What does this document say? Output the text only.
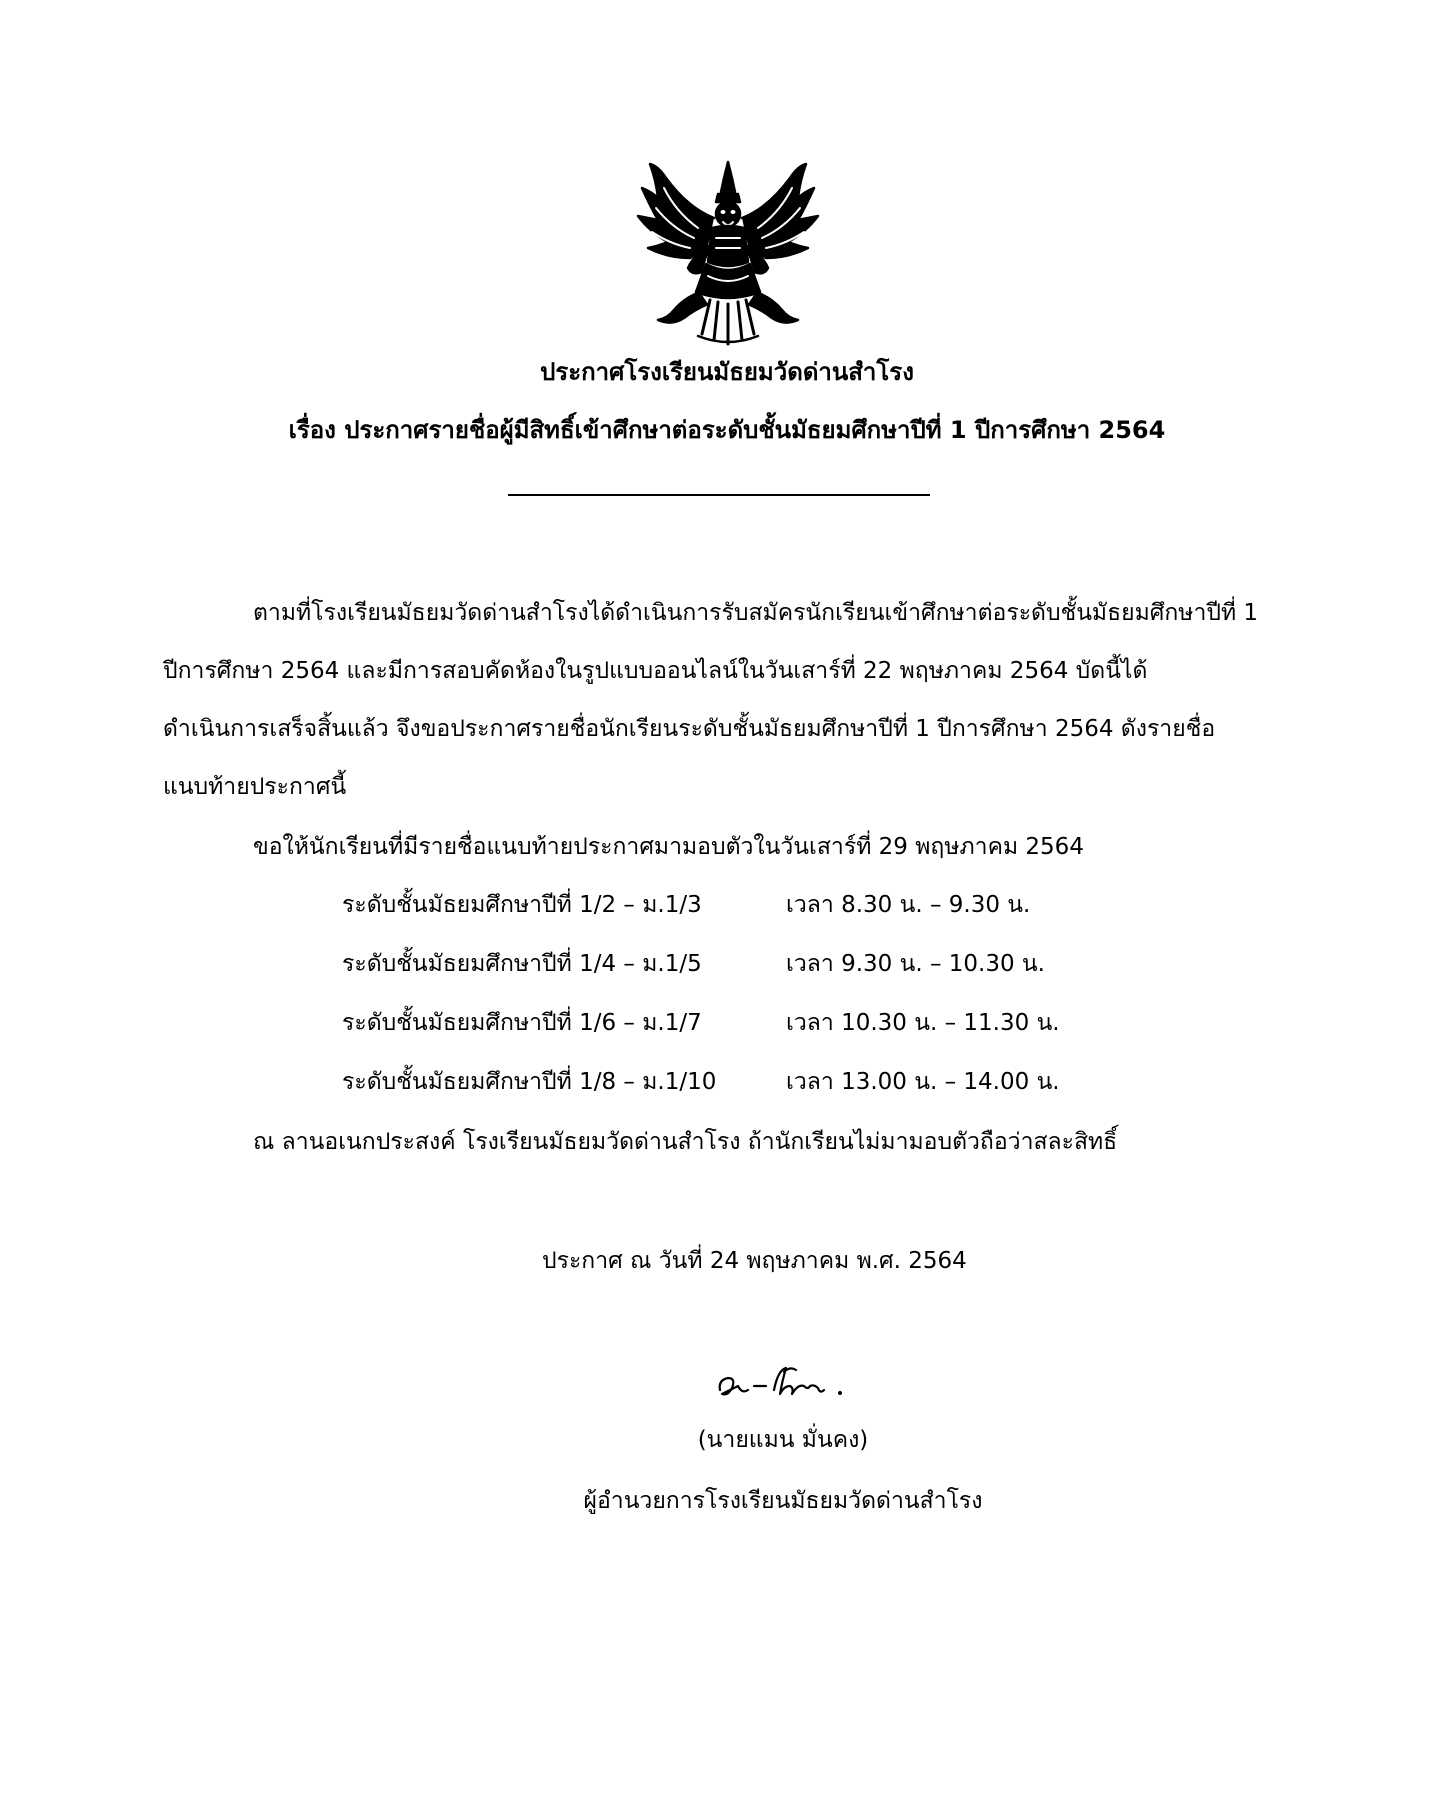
ประกาศโรงเรียนมัธยมวัดด่านสำโรง
เรื่อง ประกาศรายชื่อผู้มีสิทธิ์เข้าศึกษาต่อระดับชั้นมัธยมศึกษาปีที่ 1 ปีการศึกษา 2564
ตามที่โรงเรียนมัธยมวัดด่านสำโรงได้ดำเนินการรับสมัครนักเรียนเข้าศึกษาต่อระดับชั้นมัธยมศึกษาปีที่ 1
ปีการศึกษา 2564 และมีการสอบคัดห้องในรูปแบบออนไลน์ในวันเสาร์ที่ 22 พฤษภาคม 2564 บัดนี้ได้
ดำเนินการเสร็จสิ้นแล้ว จึงขอประกาศรายชื่อนักเรียนระดับชั้นมัธยมศึกษาปีที่ 1 ปีการศึกษา 2564 ดังรายชื่อ
แนบท้ายประกาศนี้
ขอให้นักเรียนที่มีรายชื่อแนบท้ายประกาศมามอบตัวในวันเสาร์ที่ 29 พฤษภาคม 2564
ระดับชั้นมัธยมศึกษาปีที่ 1/2 – ม.1/3	เวลา 8.30 น. – 9.30 น.
ระดับชั้นมัธยมศึกษาปีที่ 1/4 – ม.1/5	เวลา 9.30 น. – 10.30 น.
ระดับชั้นมัธยมศึกษาปีที่ 1/6 – ม.1/7	เวลา 10.30 น. – 11.30 น.
ระดับชั้นมัธยมศึกษาปีที่ 1/8 – ม.1/10	เวลา 13.00 น. – 14.00 น.
ณ ลานอเนกประสงค์ โรงเรียนมัธยมวัดด่านสำโรง ถ้านักเรียนไม่มามอบตัวถือว่าสละสิทธิ์
ประกาศ ณ วันที่ 24 พฤษภาคม พ.ศ. 2564
(นายแมน มั่นคง)
ผู้อำนวยการโรงเรียนมัธยมวัดด่านสำโรง
